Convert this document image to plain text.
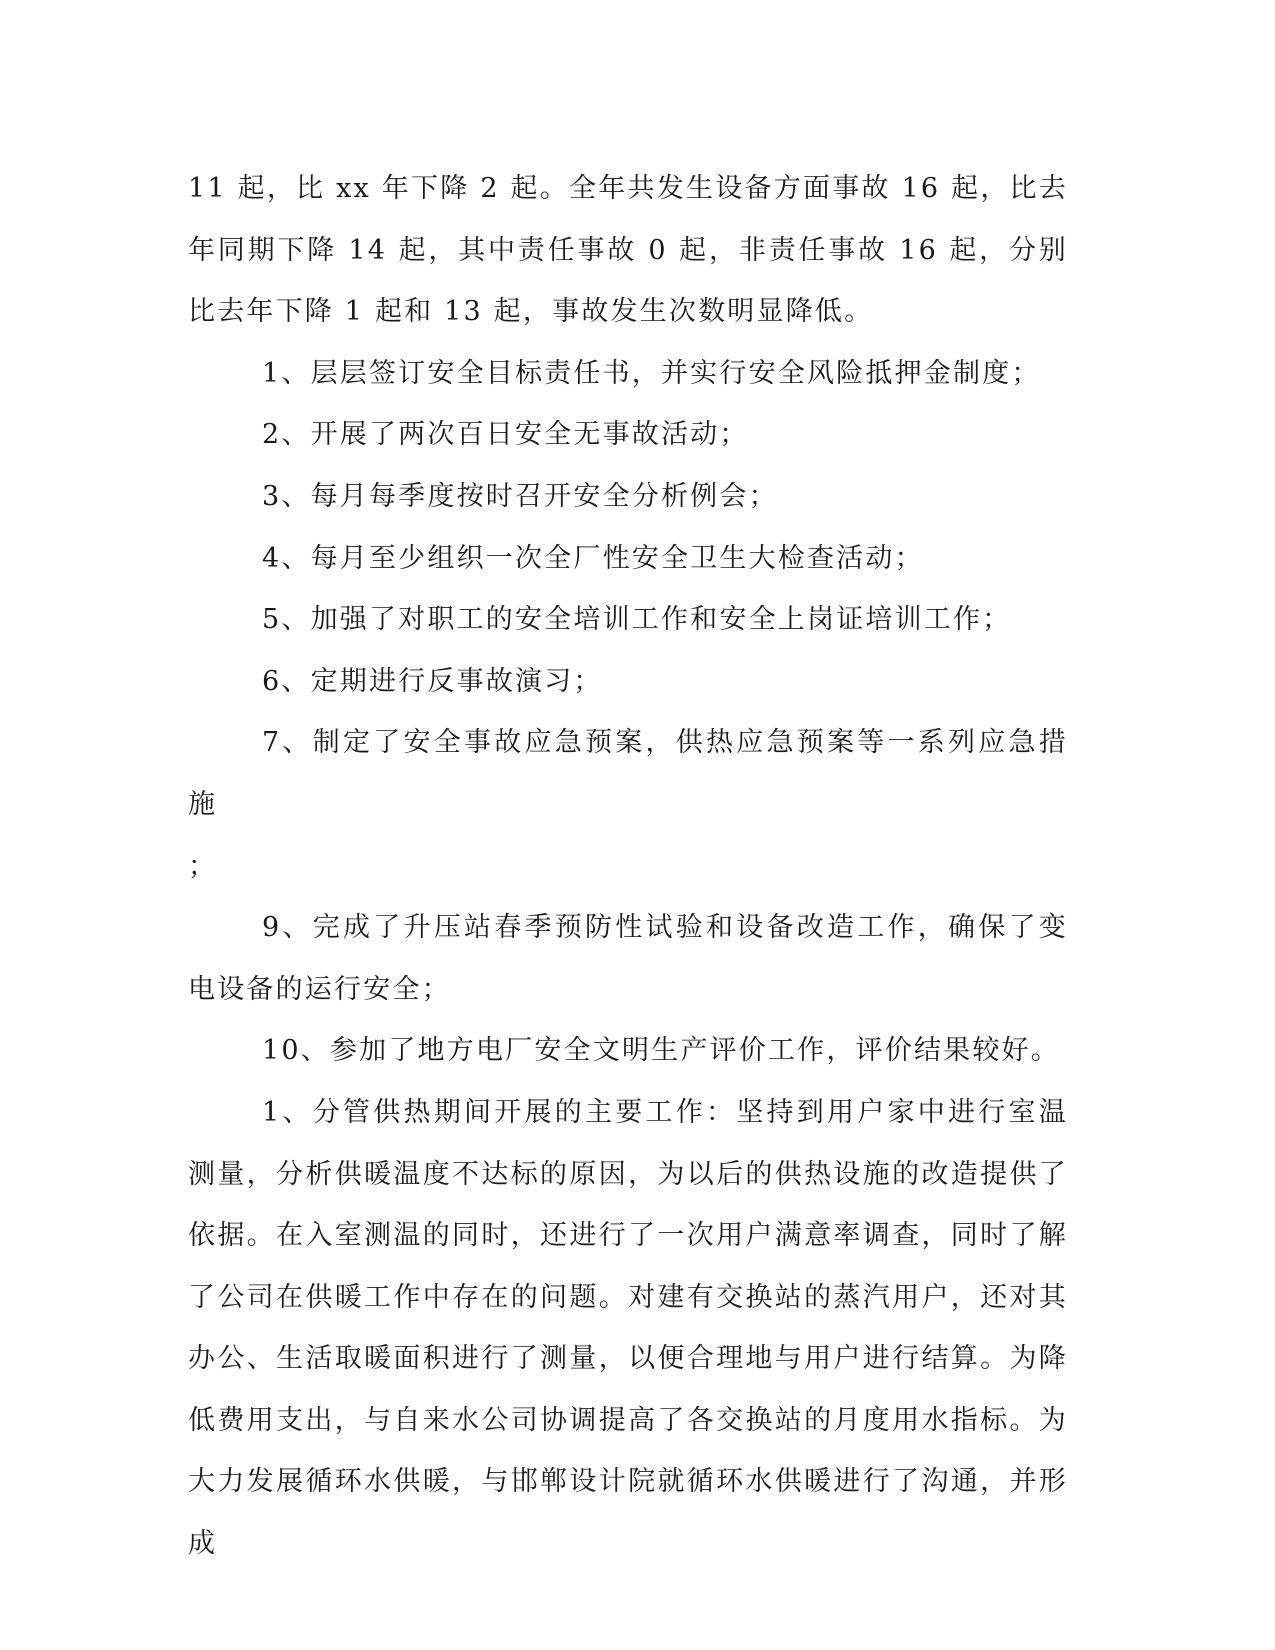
11 起，比 xx 年下降 2 起。全年共发生设备方面事故 16 起，比去年同期下降 14 起，其中责任事故 0 起，非责任事故 16 起，分别比去年下降 1 起和 13 起，事故发生次数明显降低。

1、层层签订安全目标责任书，并实行安全风险抵押金制度；

2、开展了两次百日安全无事故活动；

3、每月每季度按时召开安全分析例会；

4、每月至少组织一次全厂性安全卫生大检查活动；

5、加强了对职工的安全培训工作和安全上岗证培训工作；

6、定期进行反事故演习；

7、制定了安全事故应急预案，供热应急预案等一系列应急措施

；

9、完成了升压站春季预防性试验和设备改造工作，确保了变电设备的运行安全；

10、参加了地方电厂安全文明生产评价工作，评价结果较好。

1、分管供热期间开展的主要工作：坚持到用户家中进行室温测量，分析供暖温度不达标的原因，为以后的供热设施的改造提供了依据。在入室测温的同时，还进行了一次用户满意率调查，同时了解了公司在供暖工作中存在的问题。对建有交换站的蒸汽用户，还对其办公、生活取暖面积进行了测量，以便合理地与用户进行结算。为降低费用支出，与自来水公司协调提高了各交换站的月度用水指标。为大力发展循环水供暖，与邯郸设计院就循环水供暖进行了沟通，并形成
